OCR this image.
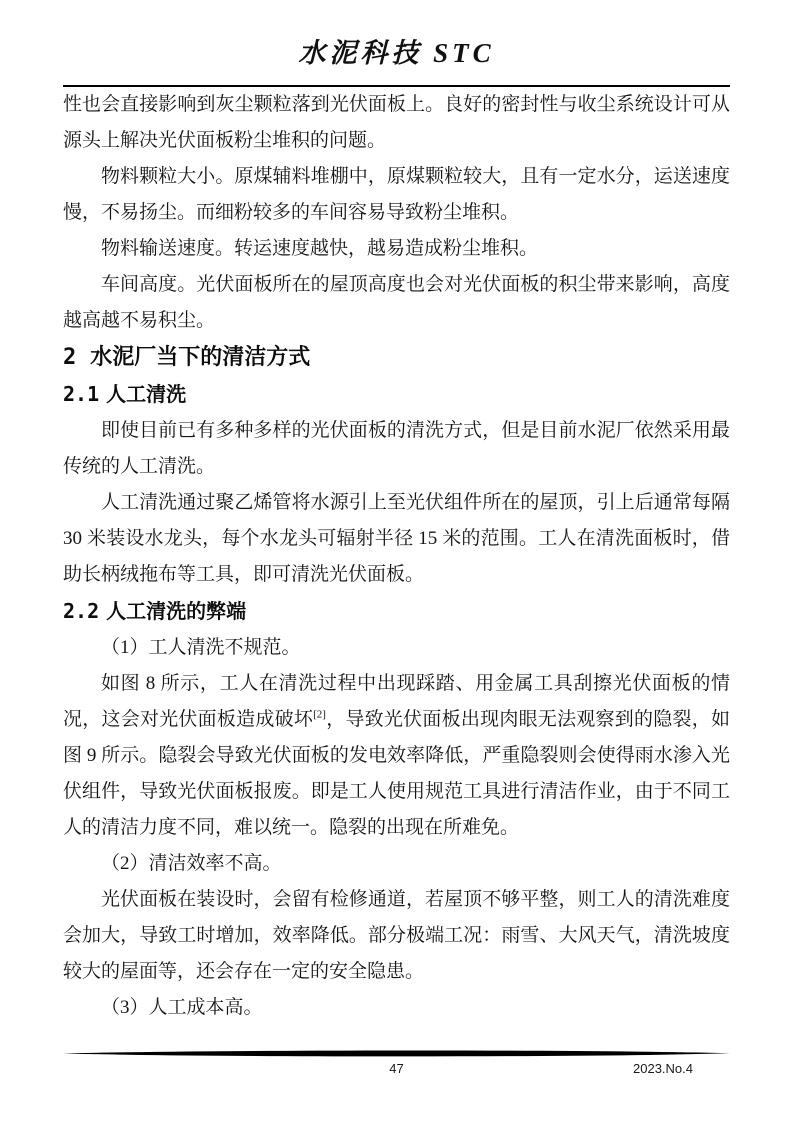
水泥科技 STC

性也会直接影响到灰尘颗粒落到光伏面板上。良好的密封性与收尘系统设计可从源头上解决光伏面板粉尘堆积的问题。

物料颗粒大小。原煤辅料堆棚中，原煤颗粒较大，且有一定水分，运送速度慢，不易扬尘。而细粉较多的车间容易导致粉尘堆积。

物料输送速度。转运速度越快，越易造成粉尘堆积。

车间高度。光伏面板所在的屋顶高度也会对光伏面板的积尘带来影响，高度越高越不易积尘。

2 水泥厂当下的清洁方式
2.1 人工清洗

即使目前已有多种多样的光伏面板的清洗方式，但是目前水泥厂依然采用最传统的人工清洗。

人工清洗通过聚乙烯管将水源引上至光伏组件所在的屋顶，引上后通常每隔30 米装设水龙头，每个水龙头可辐射半径 15 米的范围。工人在清洗面板时，借助长柄绒拖布等工具，即可清洗光伏面板。

2.2 人工清洗的弊端

（1）工人清洗不规范。

如图 8 所示，工人在清洗过程中出现踩踏、用金属工具刮擦光伏面板的情况，这会对光伏面板造成破坏[2]，导致光伏面板出现肉眼无法观察到的隐裂，如图 9 所示。隐裂会导致光伏面板的发电效率降低，严重隐裂则会使得雨水渗入光伏组件，导致光伏面板报废。即是工人使用规范工具进行清洁作业，由于不同工人的清洁力度不同，难以统一。隐裂的出现在所难免。

（2）清洁效率不高。

光伏面板在装设时，会留有检修通道，若屋顶不够平整，则工人的清洗难度会加大，导致工时增加，效率降低。部分极端工况：雨雪、大风天气，清洗坡度较大的屋面等，还会存在一定的安全隐患。

（3）人工成本高。

47	2023.No.4
